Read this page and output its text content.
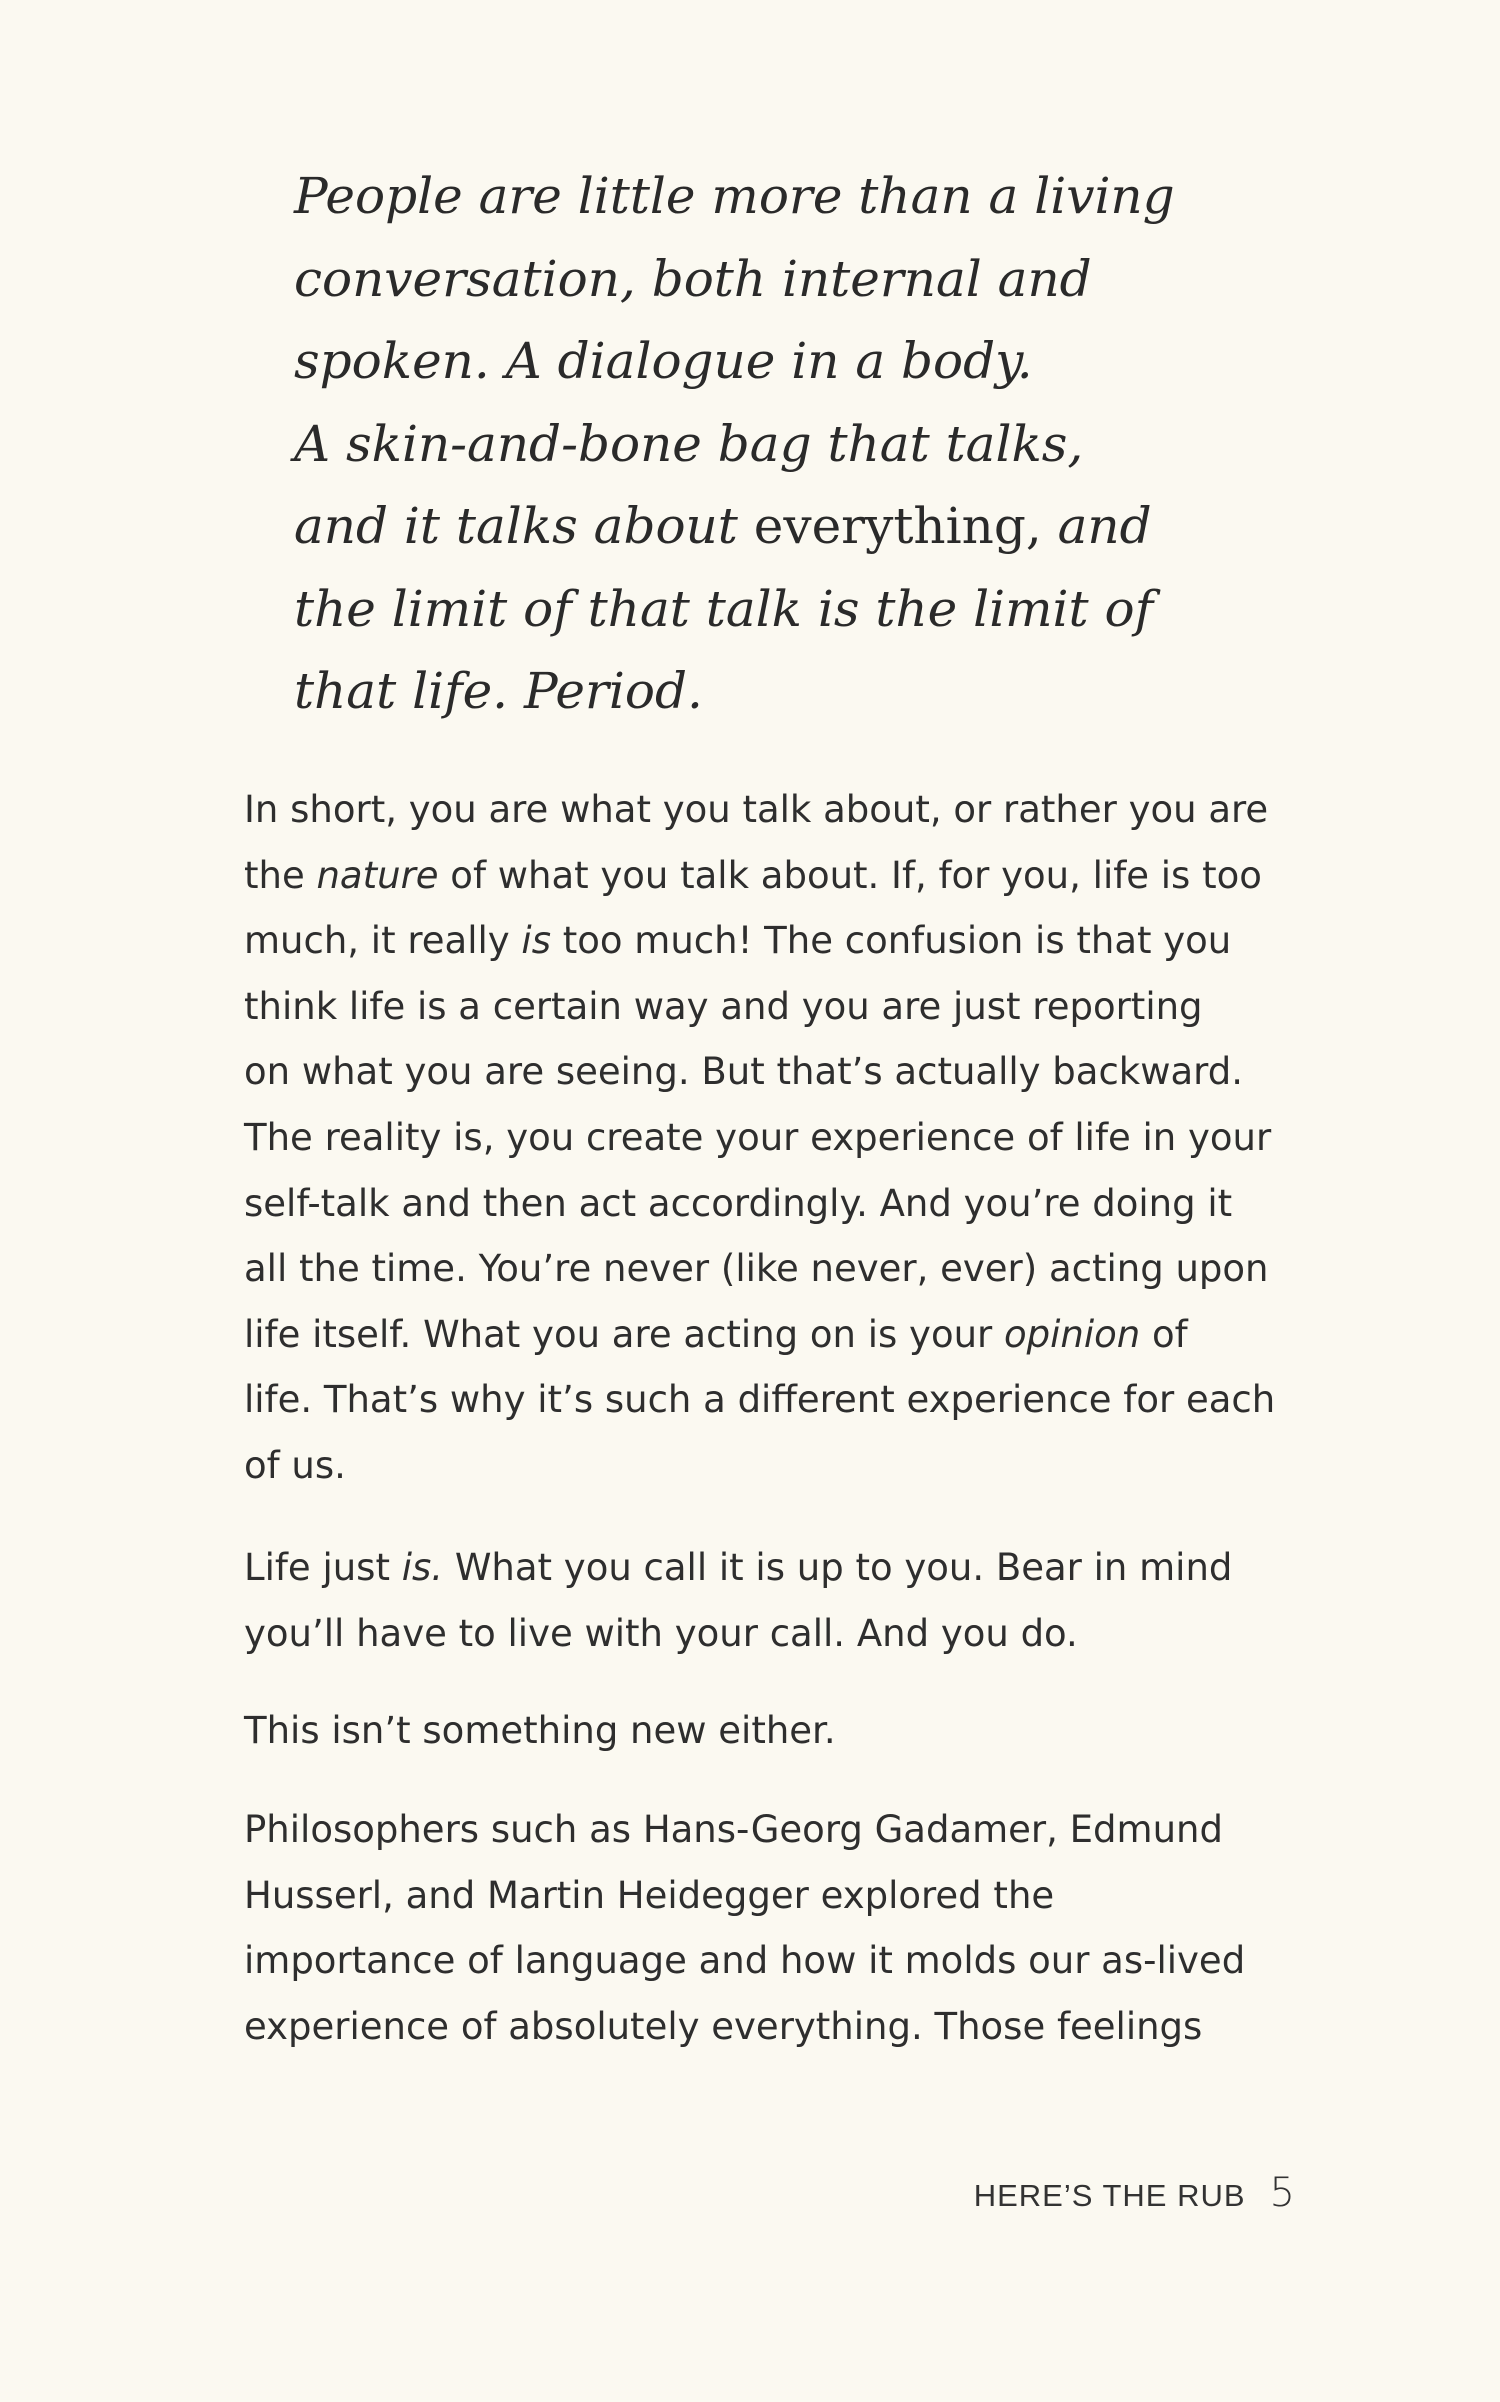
People are little more than a living
conversation, both internal and
spoken. A dialogue in a body.
A skin-and-bone bag that talks,
and it talks about everything, and
the limit of that talk is the limit of
that life. Period.
In short, you are what you talk about, or rather you are
the nature of what you talk about. If, for you, life is too
much, it really is too much! The confusion is that you
think life is a certain way and you are just reporting
on what you are seeing. But that’s actually backward.
The reality is, you create your experience of life in your
self-talk and then act accordingly. And you’re doing it
all the time. You’re never (like never, ever) acting upon
life itself. What you are acting on is your opinion of
life. That’s why it’s such a different experience for each
of us.
Life just is. What you call it is up to you. Bear in mind
you’ll have to live with your call. And you do.
This isn’t something new either.
Philosophers such as Hans-Georg Gadamer, Edmund
Husserl, and Martin Heidegger explored the
importance of language and how it molds our as-lived
experience of absolutely everything. Those feelings
HERE’S THE RUB 5
